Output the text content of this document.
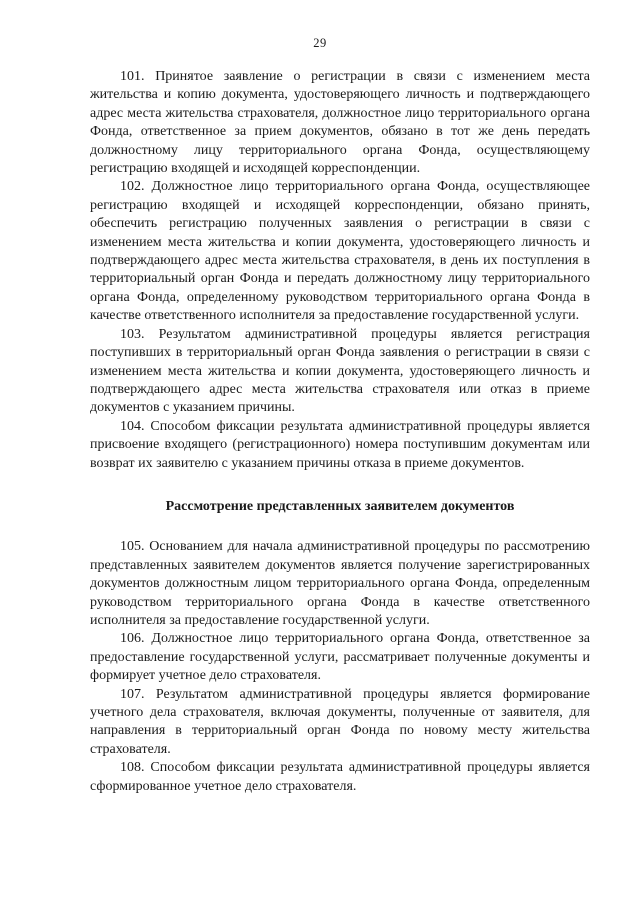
29

101. Принятое заявление о регистрации в связи с изменением места жительства и копию документа, удостоверяющего личность и подтверждающего адрес места жительства страхователя, должностное лицо территориального органа Фонда, ответственное за прием документов, обязано в тот же день передать должностному лицу территориального органа Фонда, осуществляющему регистрацию входящей и исходящей корреспонденции.

102. Должностное лицо территориального органа Фонда, осуществляющее регистрацию входящей и исходящей корреспонденции, обязано принять, обеспечить регистрацию полученных заявления о регистрации в связи с изменением места жительства и копии документа, удостоверяющего личность и подтверждающего адрес места жительства страхователя, в день их поступления в территориальный орган Фонда и передать должностному лицу территориального органа Фонда, определенному руководством территориального органа Фонда в качестве ответственного исполнителя за предоставление государственной услуги.

103. Результатом административной процедуры является регистрация поступивших в территориальный орган Фонда заявления о регистрации в связи с изменением места жительства и копии документа, удостоверяющего личность и подтверждающего адрес места жительства страхователя или отказ в приеме документов с указанием причины.

104. Способом фиксации результата административной процедуры является присвоение входящего (регистрационного) номера поступившим документам или возврат их заявителю с указанием причины отказа в приеме документов.

Рассмотрение представленных заявителем документов

105. Основанием для начала административной процедуры по рассмотрению представленных заявителем документов является получение зарегистрированных документов должностным лицом территориального органа Фонда, определенным руководством территориального органа Фонда в качестве ответственного исполнителя за предоставление государственной услуги.

106. Должностное лицо территориального органа Фонда, ответственное за предоставление государственной услуги, рассматривает полученные документы и формирует учетное дело страхователя.

107. Результатом административной процедуры является формирование учетного дела страхователя, включая документы, полученные от заявителя, для направления в территориальный орган Фонда по новому месту жительства страхователя.

108. Способом фиксации результата административной процедуры является сформированное учетное дело страхователя.
